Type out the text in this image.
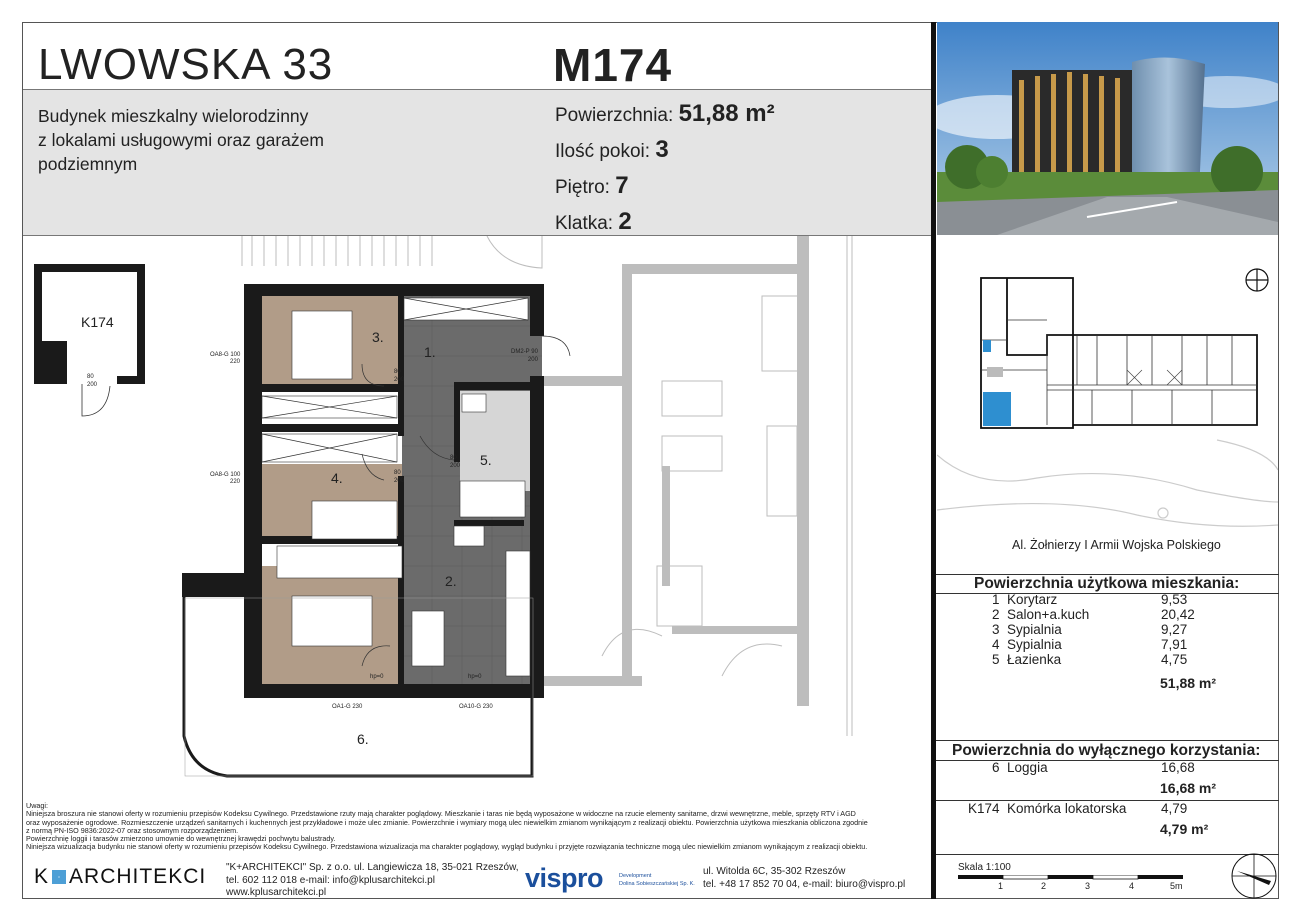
LWOWSKA 33	M174
Budynek mieszkalny wielorodzinny
z lokalami usługowymi oraz garażem
podziemnym
Powierzchnia: 51,88 m²
Ilość pokoi: 3
Piętro: 7
Klatka: 2
Al. Żołnierzy I Armii Wojska Polskiego
K174
1.
2.
3.
4.
5.
6.
80
200
80
200
80
200
80
200
DM2-P 90
200
OA8-G 100
220
OA8-G 100
220
OA1-G 230	OA10-G 230
hp=0	hp=0
Powierzchnia użytkowa mieszkania:
1 Korytarz	9,53
2 Salon+a.kuch	20,42
3 Sypialnia	9,27
4 Sypialnia	7,91
5 Łazienka	4,75
51,88 m²
Powierzchnia do wyłącznego korzystania:
6 Loggia	16,68
16,68 m²
K174 Komórka lokatorska	4,79
4,79 m²
Skala 1:100
1	2	3	4	5m
Uwagi:
Niniejsza broszura nie stanowi oferty w rozumieniu przepisów Kodeksu Cywilnego. Przedstawione rzuty mają charakter poglądowy. Mieszkanie i taras nie będą wyposażone w widoczne na rzucie elementy sanitarne, drzwi wewnętrzne, meble, sprzęty RTV i AGD
oraz wyposażenie ogrodowe. Rozmieszczenie urządzeń sanitarnych i kuchennych jest przykładowe i może ulec zmianie. Powierzchnie i wymiary mogą ulec niewielkim zmianom wynikającym z realizacji obiektu. Powierzchnia użytkowa mieszkania obliczona zgodnie
z normą PN-ISO 9836:2022-07 oraz stosownym rozporządzeniem.
Powierzchnię loggii i tarasów zmierzono umownie do wewnętrznej krawędzi pochwytu balustrady.
Niniejsza wizualizacja budynku nie stanowi oferty w rozumieniu przepisów Kodeksu Cywilnego. Przedstawiona wizualizacja ma charakter poglądowy, wygląd budynku i przyjęte rozwiązania techniczne mogą ulec niewielkim zmianom wynikającym z realizacji obiektu.
K ARCHITEKCI "K+ARCHITEKCI" Sp. z o.o. ul. Langiewicza 18, 35-021 Rzeszów,
tel. 602 112 018 e-mail: info@kplusarchitekci.pl
www.kplusarchitekci.pl	vispro	Development
Dolina Sobieszczańskiej Sp. K.
ul. Witolda 6C, 35-302 Rzeszów
tel. +48 17 852 70 04, e-mail: biuro@vispro.pl
